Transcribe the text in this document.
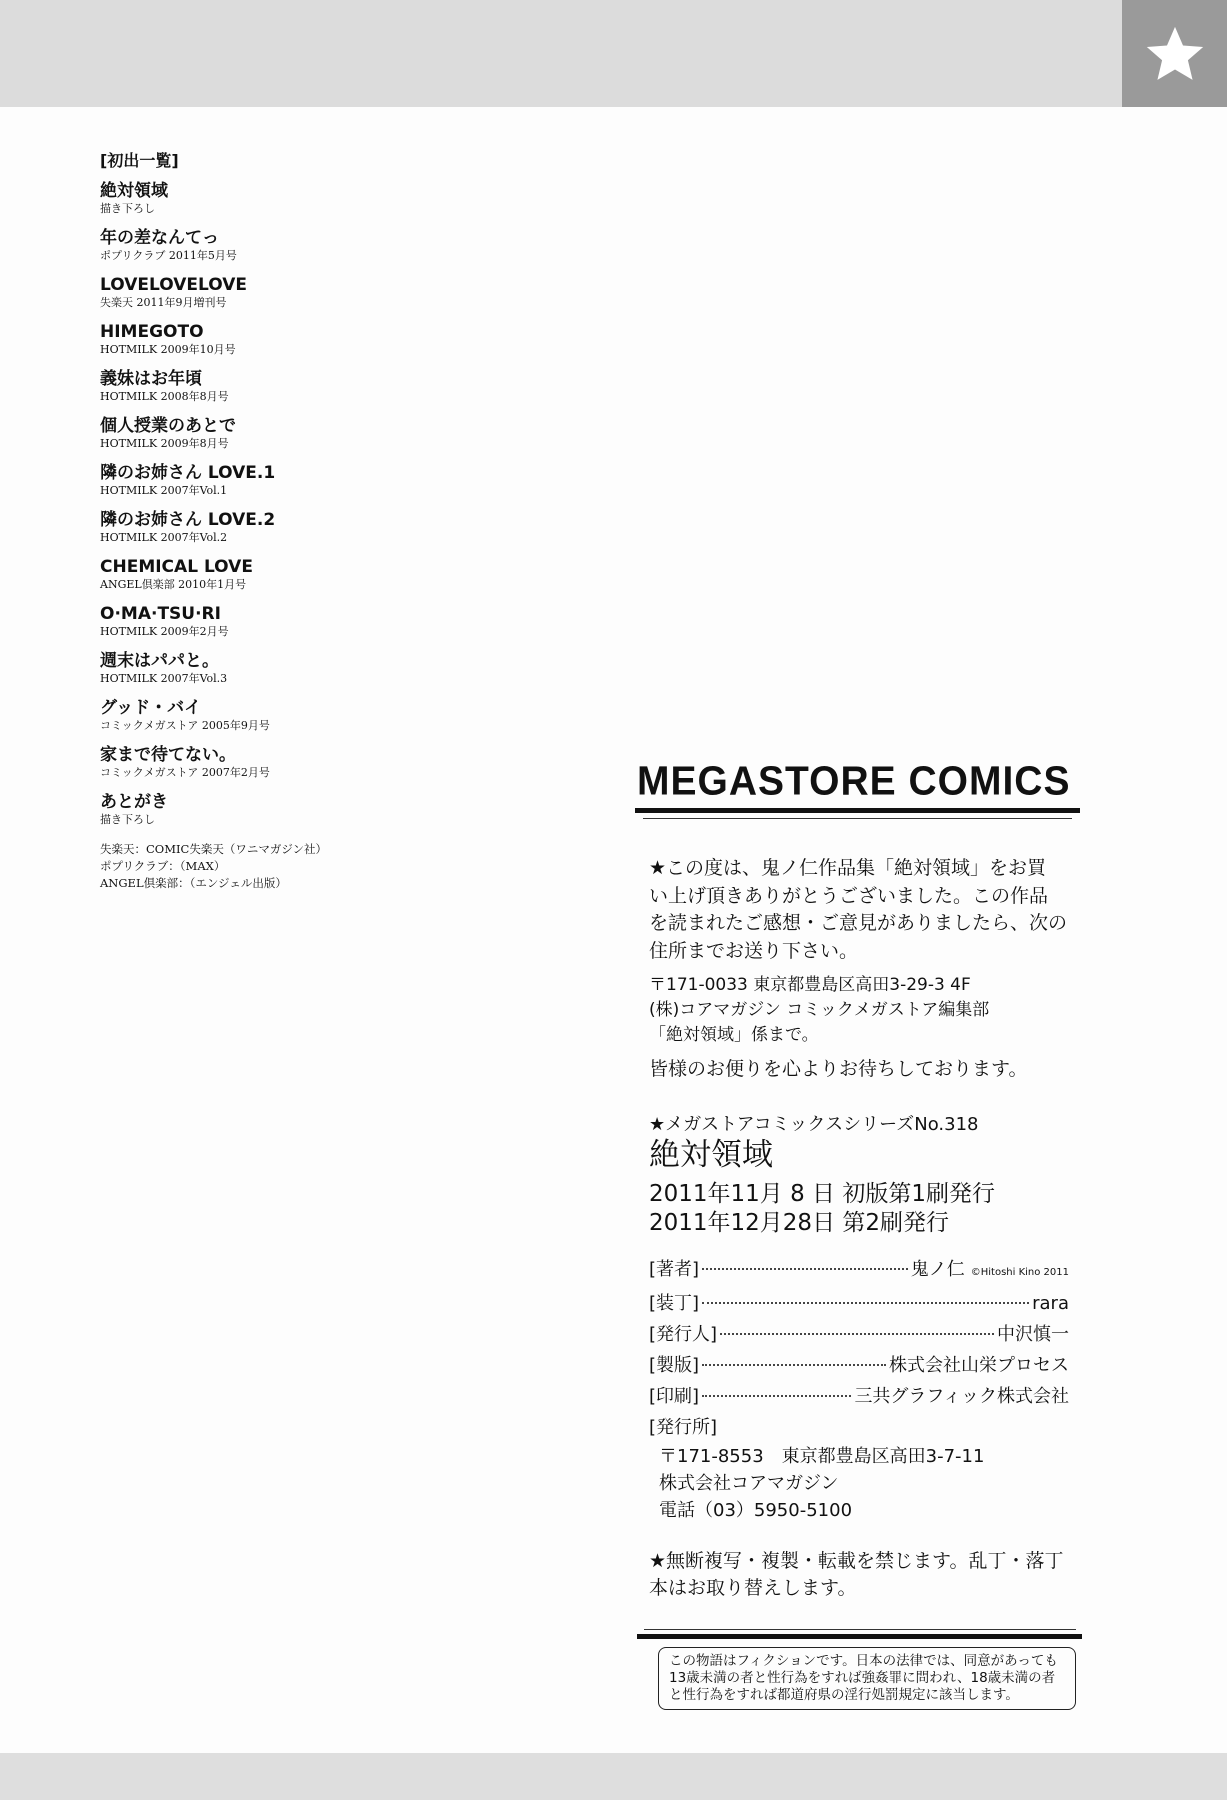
[初出一覧]
絶対領域
描き下ろし
年の差なんてっ
ポプリクラブ 2011年5月号
LOVELOVELOVE
失楽天 2011年9月増刊号
HIMEGOTO
HOTMILK 2009年10月号
義妹はお年頃
HOTMILK 2008年8月号
個人授業のあとで
HOTMILK 2009年8月号
隣のお姉さん LOVE.1
HOTMILK 2007年Vol.1
隣のお姉さん LOVE.2
HOTMILK 2007年Vol.2
CHEMICAL LOVE
ANGEL倶楽部 2010年1月号
O·MA·TSU·RI
HOTMILK 2009年2月号
週末はパパと。
HOTMILK 2007年Vol.3
グッド・バイ
コミックメガストア 2005年9月号
家まで待てない。
コミックメガストア 2007年2月号
あとがき
描き下ろし
失楽天：COMIC失楽天（ワニマガジン社）
ポプリクラブ：（MAX）
ANGEL倶楽部：（エンジェル出版）
MEGASTORE COMICS
★この度は、鬼ノ仁作品集「絶対領域」をお買
い上げ頂きありがとうございました。この作品
を読まれたご感想・ご意見がありましたら、次の
住所までお送り下さい。
〒171-0033 東京都豊島区高田3-29-3 4F
(株)コアマガジン コミックメガストア編集部
「絶対領域」係まで。
皆様のお便りを心よりお待ちしております。
★メガストアコミックスシリーズNo.318
絶対領域
2011年11月 8 日 初版第1刷発行
2011年12月28日 第2刷発行
[著者]	鬼ノ仁 ©Hitoshi Kino 2011
[装丁]	rara
[発行人]	中沢慎一
[製版]	株式会社山栄プロセス
[印刷]	三共グラフィック株式会社
[発行所]
〒171-8553　東京都豊島区高田3-7-11
株式会社コアマガジン
電話（03）5950-5100
★無断複写・複製・転載を禁じます。乱丁・落丁
本はお取り替えします。
この物語はフィクションです。日本の法律では、同意があっても13歳未満の者と性行為をすれば強姦罪に問われ、18歳未満の者と性行為をすれば都道府県の淫行処罰規定に該当します。
